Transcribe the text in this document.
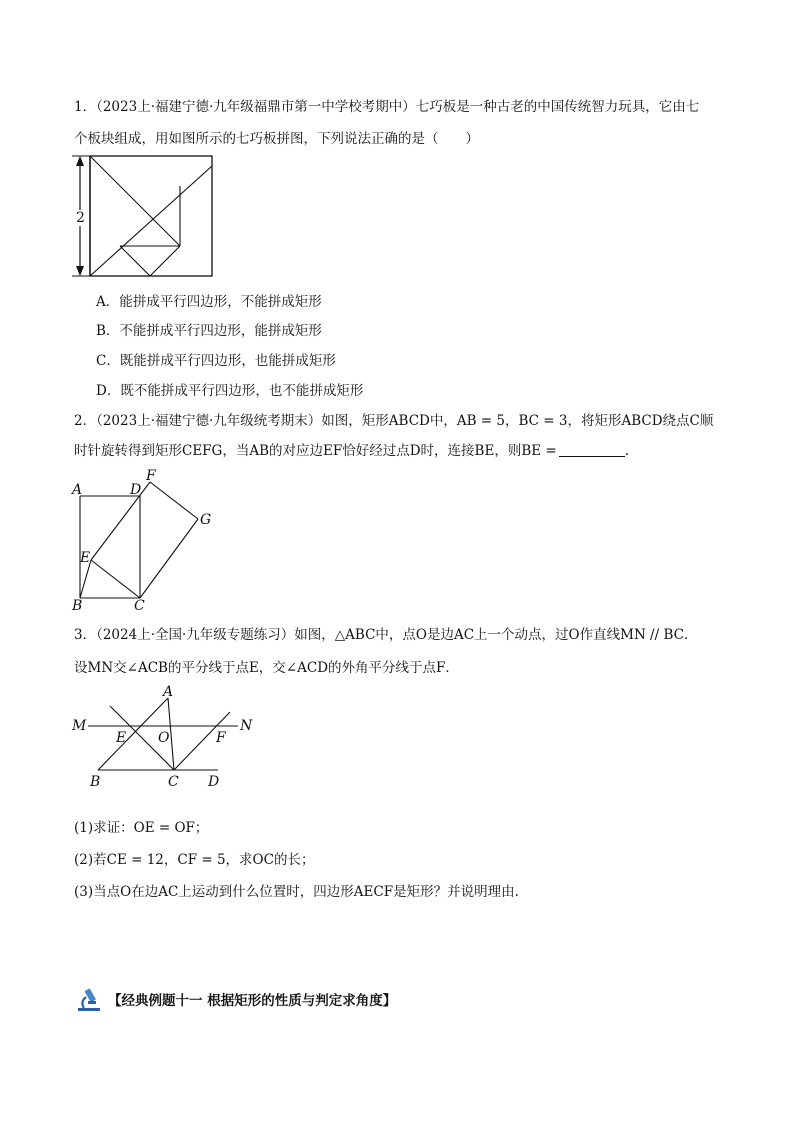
1．（2023上·福建宁德·九年级福鼎市第一中学校考期中）七巧板是一种古老的中国传统智力玩具，它由七
个板块组成，用如图所示的七巧板拼图，下列说法正确的是（　　）
2
A．能拼成平行四边形，不能拼成矩形
B．不能拼成平行四边形，能拼成矩形
C．既能拼成平行四边形，也能拼成矩形
D．既不能拼成平行四边形，也不能拼成矩形
2．（2023上·福建宁德·九年级统考期末）如图，矩形ABCD中，AB = 5，BC = 3，将矩形ABCD绕点C顺
时针旋转得到矩形CEFG，当AB的对应边EF恰好经过点D时，连接BE，则BE =	.
A	D
F
G
E
B	C
3．（2024上·全国·九年级专题练习）如图，△ABC中，点O是边AC上一个动点，过O作直线MN // BC．
设MN交∠ACB的平分线于点E，交∠ACD的外角平分线于点F．
A
M	N
E O	F
B	C D
(1)求证：OE = OF；
(2)若CE = 12，CF = 5，求OC的长；
(3)当点O在边AC上运动到什么位置时，四边形AECF是矩形？并说明理由.
【经典例题十一 根据矩形的性质与判定求角度】
